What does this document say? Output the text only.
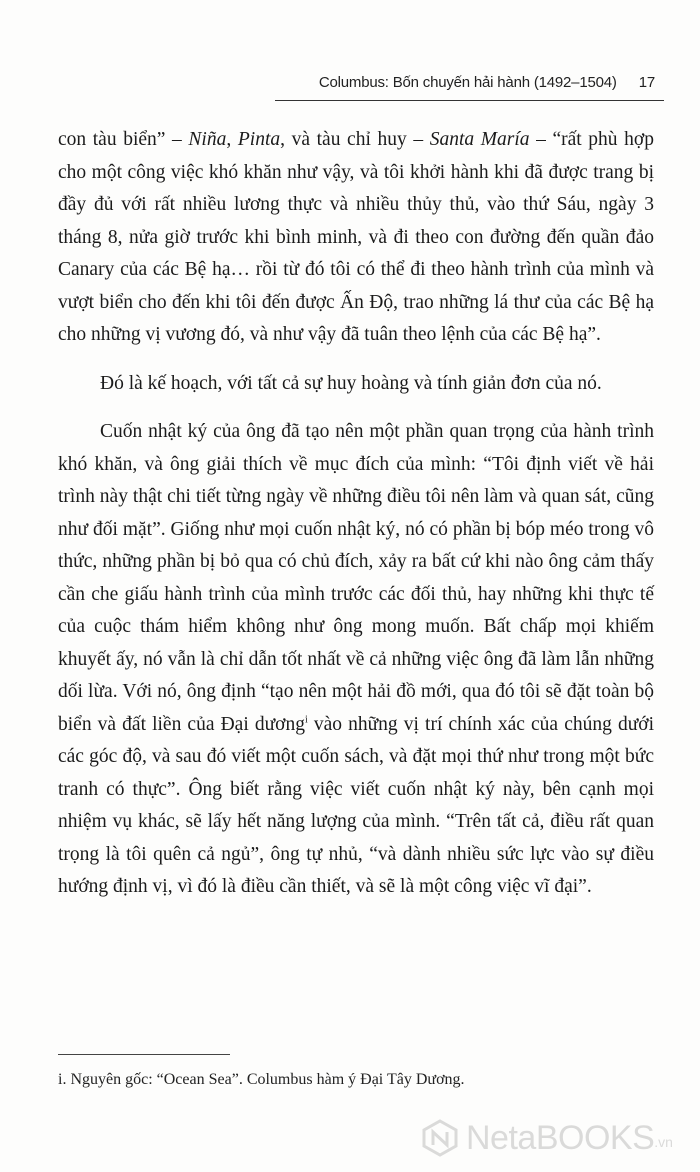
Columbus: Bốn chuyến hải hành (1492–1504) 17

con tàu biển” – Niña, Pinta, và tàu chỉ huy – Santa María – “rất phù hợp cho một công việc khó khăn như vậy, và tôi khởi hành khi đã được trang bị đầy đủ với rất nhiều lương thực và nhiều thủy thủ, vào thứ Sáu, ngày 3 tháng 8, nửa giờ trước khi bình minh, và đi theo con đường đến quần đảo Canary của các Bệ hạ… rồi từ đó tôi có thể đi theo hành trình của mình và vượt biển cho đến khi tôi đến được Ấn Độ, trao những lá thư của các Bệ hạ cho những vị vương đó, và như vậy đã tuân theo lệnh của các Bệ hạ”.

Đó là kế hoạch, với tất cả sự huy hoàng và tính giản đơn của nó.

Cuốn nhật ký của ông đã tạo nên một phần quan trọng của hành trình khó khăn, và ông giải thích về mục đích của mình: “Tôi định viết về hải trình này thật chi tiết từng ngày về những điều tôi nên làm và quan sát, cũng như đối mặt”. Giống như mọi cuốn nhật ký, nó có phần bị bóp méo trong vô thức, những phần bị bỏ qua có chủ đích, xảy ra bất cứ khi nào ông cảm thấy cần che giấu hành trình của mình trước các đối thủ, hay những khi thực tế của cuộc thám hiểm không như ông mong muốn. Bất chấp mọi khiếm khuyết ấy, nó vẫn là chỉ dẫn tốt nhất về cả những việc ông đã làm lẫn những dối lừa. Với nó, ông định “tạo nên một hải đồ mới, qua đó tôi sẽ đặt toàn bộ biển và đất liền của Đại dương$^i$ vào những vị trí chính xác của chúng dưới các góc độ, và sau đó viết một cuốn sách, và đặt mọi thứ như trong một bức tranh có thực”. Ông biết rằng việc viết cuốn nhật ký này, bên cạnh mọi nhiệm vụ khác, sẽ lấy hết năng lượng của mình. “Trên tất cả, điều rất quan trọng là tôi quên cả ngủ”, ông tự nhủ, “và dành nhiều sức lực vào sự điều hướng định vị, vì đó là điều cần thiết, và sẽ là một công việc vĩ đại”.

i. Nguyên gốc: “Ocean Sea”. Columbus hàm ý Đại Tây Dương.
NetaBOOKS .vn
